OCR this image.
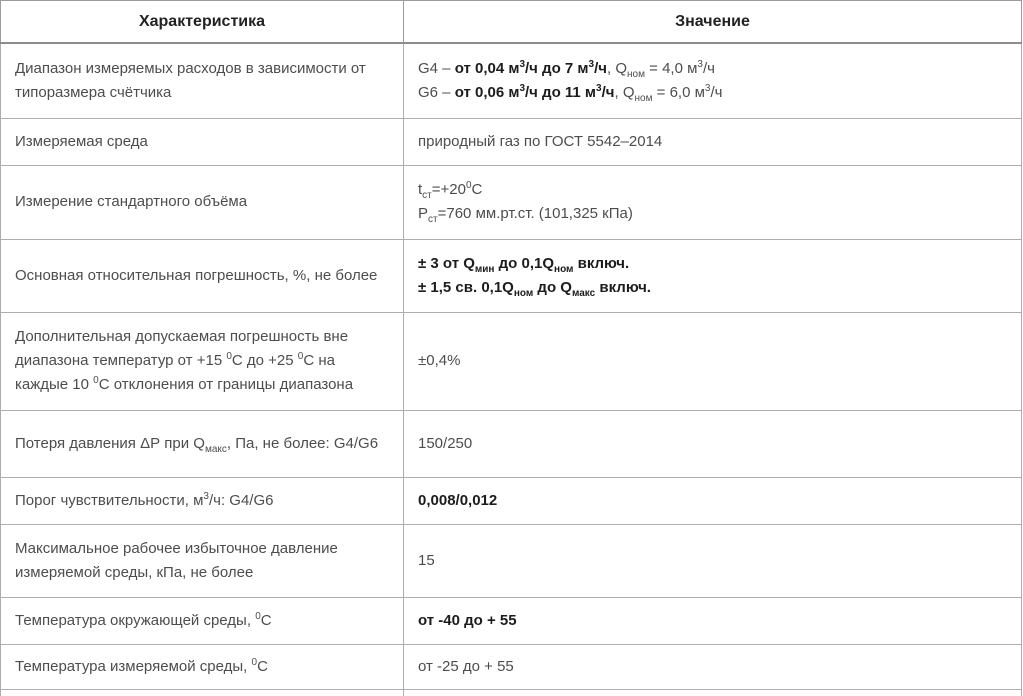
Характеристика	Значение
Диапазон измеряемых расходов в зависимости от типоразмера счётчика	G4 – от 0,04 $м^3/ч$ до 7 $м^3/ч$, $Q_{ном} = 4,0$ $м^3/ч$
G6 – от 0,06 $м^3/ч$ до 11 $м^3/ч$, $Q_{ном} = 6,0$ $м^3/ч$
Измеряемая среда	природный газ по ГОСТ 5542–2014
Измерение стандартного объёма	$t_{ст}=+20^0С$
$Р_{ст}=760$ мм.рт.ст. (101,325 кПа)
Основная относительная погрешность, %, не более	± 3 от $Q_{мин}$ до $0,1Q_{ном}$ включ.
± 1,5 св. $0,1Q_{ном}$ до $Q_{макс}$ включ.
Дополнительная допускаемая погрешность вне диапазона температур от +15 $^0$С до +25 $^0$С на каждые 10 $^0$С отклонения от границы диапазона	±0,4%
Потеря давления ΔР при $Q_{макс}$, Па, не более: G4/G6	150/250
Порог чувствительности, $м^3/ч$: G4/G6	0,008/0,012
Максимальное рабочее избыточное давление измеряемой среды, кПа, не более	15
Температура окружающей среды, $^0$С	от -40 до + 55
Температура измеряемой среды, $^0$С	от -25 до + 55
